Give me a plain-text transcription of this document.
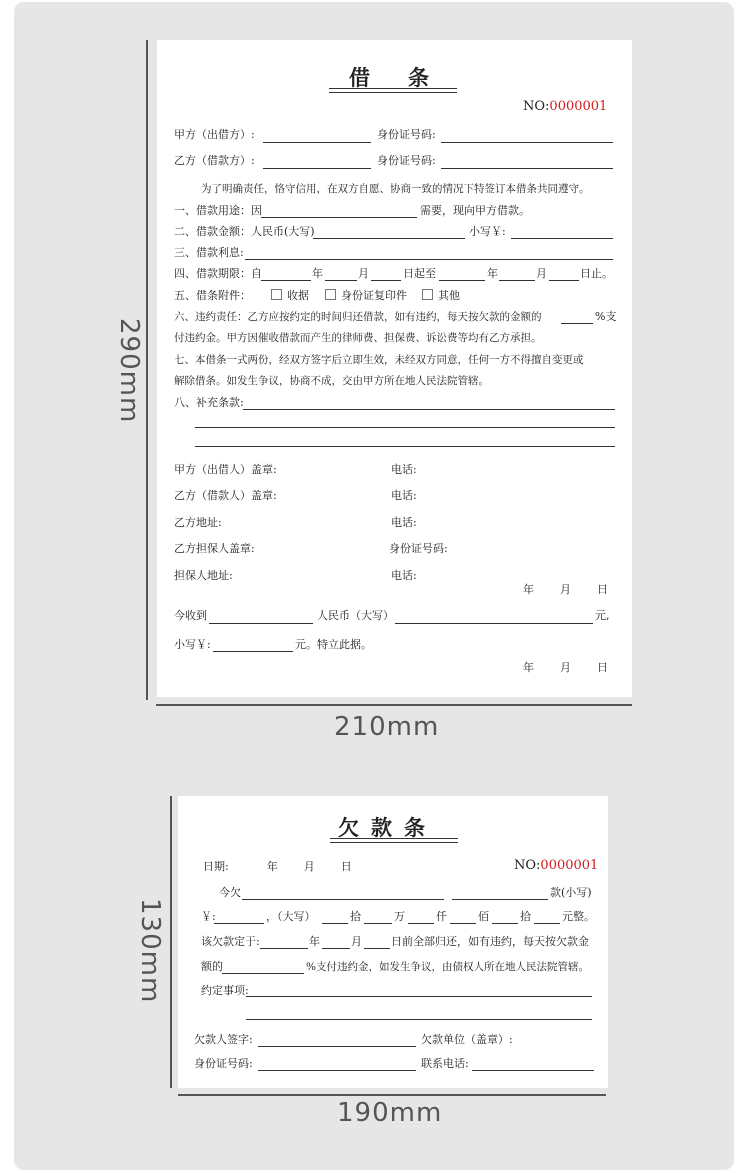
290mm
210mm
130mm
190mm
借 条
NO:0000001
甲方（出借方）:	身份证号码:
乙方（借款方）:	身份证号码:
为了明确责任，恪守信用，在双方自愿、协商一致的情况下特签订本借条共同遵守。
一、借款用途：因	需要，现向甲方借款。
二、借款金额：人民币(大写)	小写￥:
三、借款利息:
四、借款期限：自	年	月	日起至	年	月	日止。
五、借条附件：	收据	身份证复印件	其他
六、违约责任：乙方应按约定的时间归还借款，如有违约，每天按欠款的金额的	%支
付违约金。甲方因催收借款而产生的律师费、担保费、诉讼费等均有乙方承担。
七、本借条一式两份，经双方签字后立即生效，未经双方同意，任何一方不得擅自变更或
解除借条。如发生争议，协商不成，交由甲方所在地人民法院管辖。
八、补充条款:
甲方（出借人）盖章:	电话:
乙方（借款人）盖章:	电话:
乙方地址:	电话:
乙方担保人盖章:	身份证号码:
担保人地址:	电话:
年 月 日
今收到	人民币（大写）	元,
小写￥:	元。特立此据。
年 月 日
欠 款 条
日期:	年 月 日	NO:0000001
今欠	款(小写)
￥:	，（大写）	拾	万	仟	佰	拾	元整。
该欠款定于:	年	月	日前全部归还，如有违约，每天按欠款金
额的	%支付违约金，如发生争议，由债权人所在地人民法院管辖。
约定事项:
欠款人签字:	欠款单位（盖章）:
身份证号码:	联系电话:
